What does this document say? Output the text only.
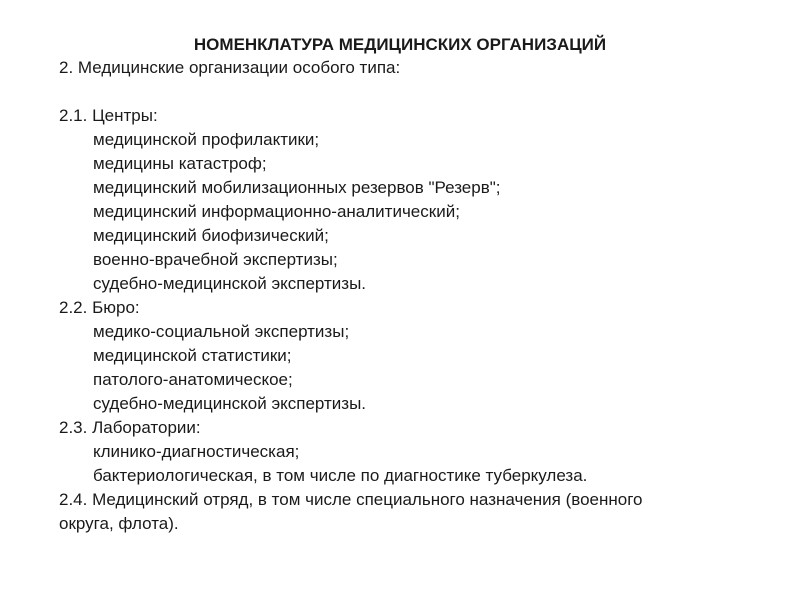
НОМЕНКЛАТУРА МЕДИЦИНСКИХ ОРГАНИЗАЦИЙ

2. Медицинские организации особого типа:

2.1. Центры:

медицинской профилактики;

медицины катастроф;

медицинский мобилизационных резервов "Резерв";

медицинский информационно-аналитический;

медицинский биофизический;

военно-врачебной экспертизы;

судебно-медицинской экспертизы.

2.2. Бюро:

медико-социальной экспертизы;

медицинской статистики;

патолого-анатомическое;

судебно-медицинской экспертизы.

2.3. Лаборатории:

клинико-диагностическая;

бактериологическая, в том числе по диагностике туберкулеза.

2.4. Медицинский отряд, в том числе специального назначения (военного

округа, флота).
